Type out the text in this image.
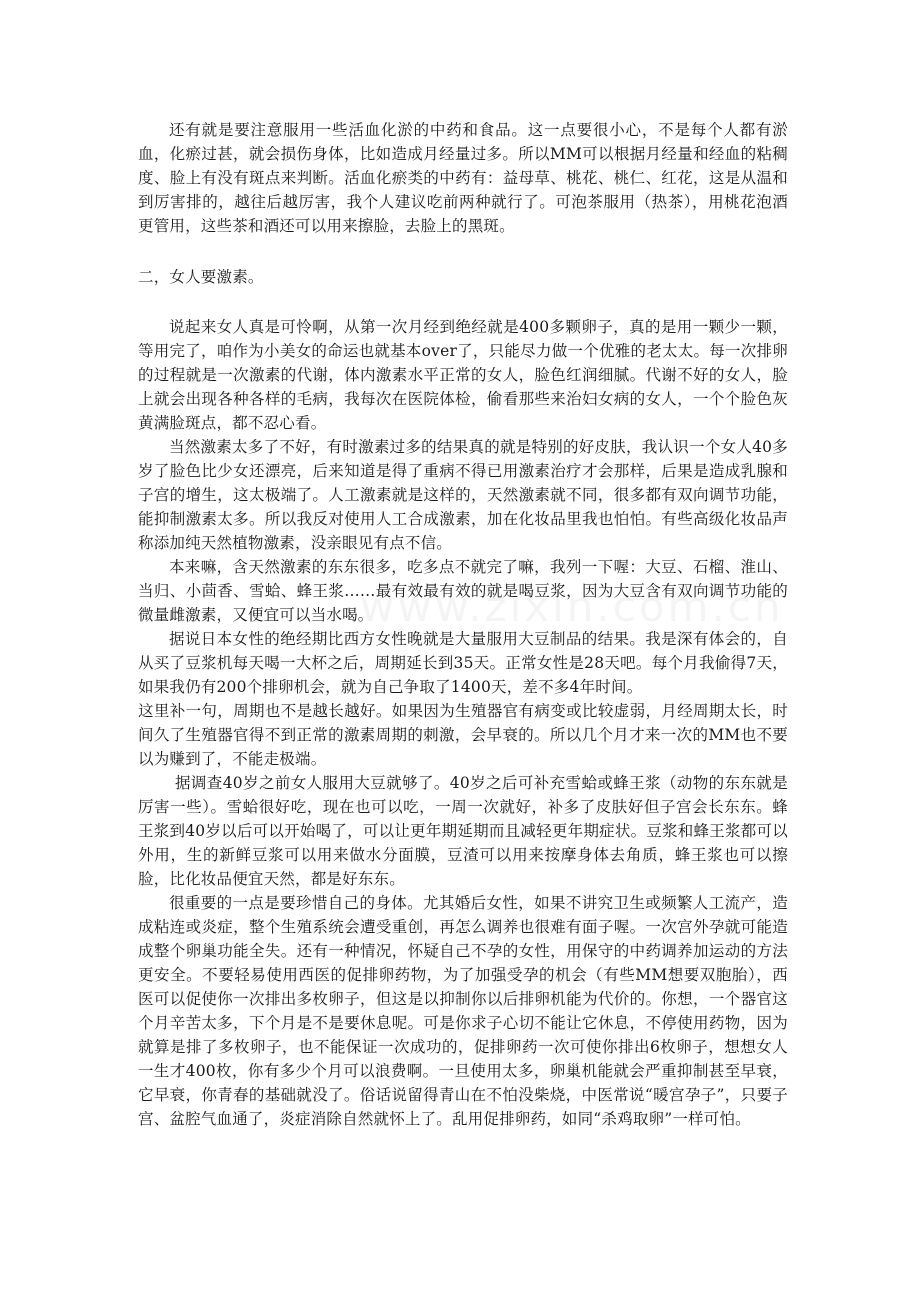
还有就是要注意服用一些活血化淤的中药和食品。这一点要很小心，不是每个人都有淤血，化瘀过甚，就会损伤身体，比如造成月经量过多。所以MM可以根据月经量和经血的粘稠度、脸上有没有斑点来判断。活血化瘀类的中药有：益母草、桃花、桃仁、红花，这是从温和到厉害排的，越往后越厉害，我个人建议吃前两种就行了。可泡茶服用（热茶），用桃花泡酒更管用，这些茶和酒还可以用来擦脸，去脸上的黑斑。

二，女人要激素。

说起来女人真是可怜啊，从第一次月经到绝经就是400多颗卵子，真的是用一颗少一颗，等用完了，咱作为小美女的命运也就基本over了，只能尽力做一个优雅的老太太。每一次排卵的过程就是一次激素的代谢，体内激素水平正常的女人，脸色红润细腻。代谢不好的女人，脸上就会出现各种各样的毛病，我每次在医院体检，偷看那些来治妇女病的女人，一个个脸色灰黄满脸斑点，都不忍心看。

当然激素太多了不好，有时激素过多的结果真的就是特别的好皮肤，我认识一个女人40多岁了脸色比少女还漂亮，后来知道是得了重病不得已用激素治疗才会那样，后果是造成乳腺和子宫的增生，这太极端了。人工激素就是这样的，天然激素就不同，很多都有双向调节功能，能抑制激素太多。所以我反对使用人工合成激素，加在化妆品里我也怕怕。有些高级化妆品声称添加纯天然植物激素，没亲眼见有点不信。

本来嘛，含天然激素的东东很多，吃多点不就完了嘛，我列一下喔：大豆、石榴、淮山、当归、小茴香、雪蛤、蜂王浆……最有效最有效的就是喝豆浆，因为大豆含有双向调节功能的微量雌激素，又便宜可以当水喝。

据说日本女性的绝经期比西方女性晚就是大量服用大豆制品的结果。我是深有体会的，自从买了豆浆机每天喝一大杯之后，周期延长到35天。正常女性是28天吧。每个月我偷得7天，如果我仍有200个排卵机会，就为自己争取了1400天，差不多4年时间。

这里补一句，周期也不是越长越好。如果因为生殖器官有病变或比较虚弱，月经周期太长，时间久了生殖器官得不到正常的激素周期的刺激，会早衰的。所以几个月才来一次的MM也不要以为赚到了，不能走极端。

据调查40岁之前女人服用大豆就够了。40岁之后可补充雪蛤或蜂王浆（动物的东东就是厉害一些）。雪蛤很好吃，现在也可以吃，一周一次就好，补多了皮肤好但子宫会长东东。蜂王浆到40岁以后可以开始喝了，可以让更年期延期而且减轻更年期症状。豆浆和蜂王浆都可以外用，生的新鲜豆浆可以用来做水分面膜，豆渣可以用来按摩身体去角质，蜂王浆也可以擦脸，比化妆品便宜天然，都是好东东。

很重要的一点是要珍惜自己的身体。尤其婚后女性，如果不讲究卫生或频繁人工流产，造成粘连或炎症，整个生殖系统会遭受重创，再怎么调养也很难有面子喔。一次宫外孕就可能造成整个卵巢功能全失。还有一种情况，怀疑自己不孕的女性，用保守的中药调养加运动的方法更安全。不要轻易使用西医的促排卵药物，为了加强受孕的机会（有些MM想要双胞胎），西医可以促使你一次排出多枚卵子，但这是以抑制你以后排卵机能为代价的。你想，一个器官这个月辛苦太多，下个月是不是要休息呢。可是你求子心切不能让它休息，不停使用药物，因为就算是排了多枚卵子，也不能保证一次成功的，促排卵药一次可使你排出6枚卵子，想想女人一生才400枚，你有多少个月可以浪费啊。一旦使用太多，卵巢机能就会严重抑制甚至早衰，它早衰，你青春的基础就没了。俗话说留得青山在不怕没柴烧，中医常说“暖宫孕子”，只要子宫、盆腔气血通了，炎症消除自然就怀上了。乱用促排卵药，如同“杀鸡取卵”一样可怕。
